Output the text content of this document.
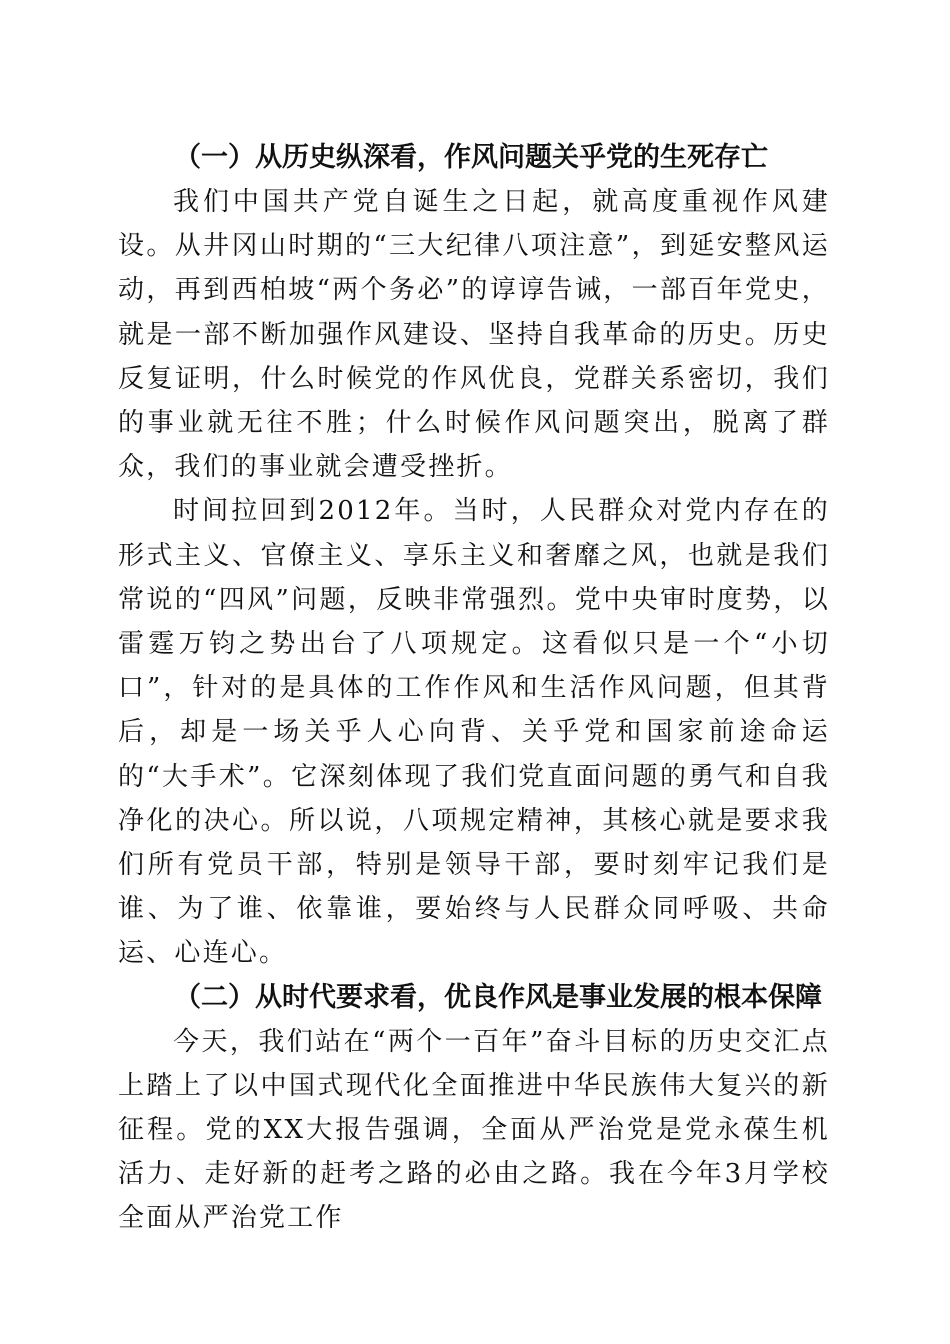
（一）从历史纵深看，作风问题关乎党的生死存亡

我们中国共产党自诞生之日起，就高度重视作风建设。从井冈山时期的“三大纪律八项注意”，到延安整风运动，再到西柏坡“两个务必”的谆谆告诫，一部百年党史，就是一部不断加强作风建设、坚持自我革命的历史。历史反复证明，什么时候党的作风优良，党群关系密切，我们的事业就无往不胜；什么时候作风问题突出，脱离了群众，我们的事业就会遭受挫折。

时间拉回到2012年。当时，人民群众对党内存在的形式主义、官僚主义、享乐主义和奢靡之风，也就是我们常说的“四风”问题，反映非常强烈。党中央审时度势，以雷霆万钧之势出台了八项规定。这看似只是一个“小切口”，针对的是具体的工作作风和生活作风问题，但其背后，却是一场关乎人心向背、关乎党和国家前途命运的“大手术”。它深刻体现了我们党直面问题的勇气和自我净化的决心。所以说，八项规定精神，其核心就是要求我们所有党员干部，特别是领导干部，要时刻牢记我们是谁、为了谁、依靠谁，要始终与人民群众同呼吸、共命运、心连心。

（二）从时代要求看，优良作风是事业发展的根本保障

今天，我们站在“两个一百年”奋斗目标的历史交汇点上踏上了以中国式现代化全面推进中华民族伟大复兴的新征程。党的XX大报告强调，全面从严治党是党永葆生机活力、走好新的赶考之路的必由之路。我在今年3月学校全面从严治党工作
